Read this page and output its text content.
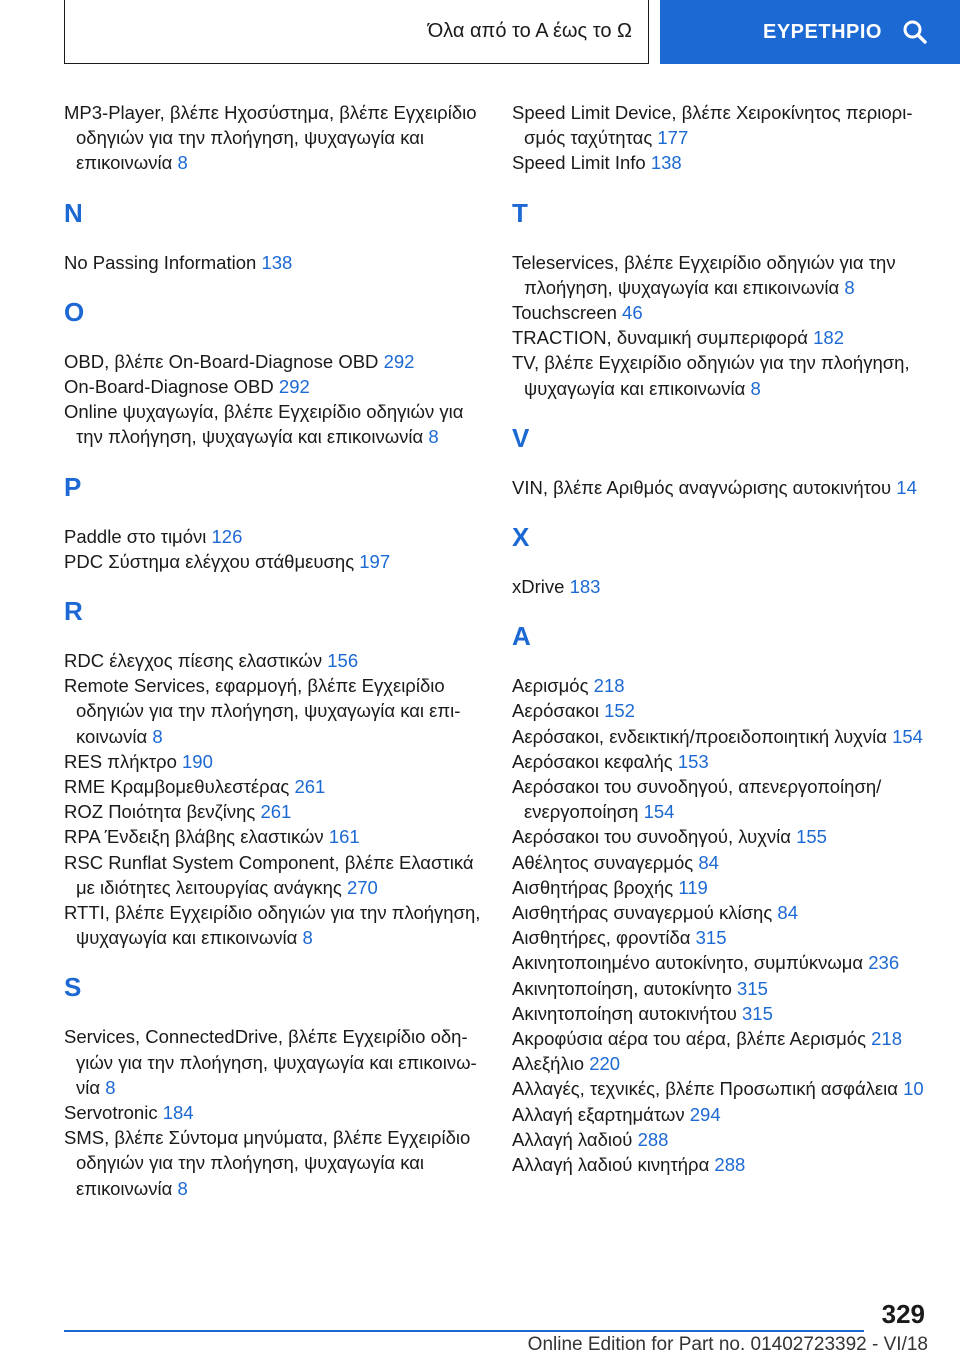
Όλα από το Α έως το Ω	ΕΥΡΕΤΗΡΙΟ
MP3-Player, βλέπε Ηχοσύστημα, βλέπε Εγχειρίδιο οδηγιών για την πλοήγηση, ψυχαγωγία και επικοινωνία 8
N
No Passing Information 138
O
OBD, βλέπε On-Board-Diagnose OBD 292
On-Board-Diagnose OBD 292
Online ψυχαγωγία, βλέπε Εγχειρίδιο οδηγιών για την πλοήγηση, ψυχαγωγία και επικοινωνία 8
P
Paddle στο τιμόνι 126
PDC Σύστημα ελέγχου στάθμευσης 197
R
RDC έλεγχος πίεσης ελαστικών 156
Remote Services, εφαρμογή, βλέπε Εγχειρίδιο οδηγιών για την πλοήγηση, ψυχαγωγία και επικοινωνία 8
RES πλήκτρο 190
RME Κραμβομεθυλεστέρας 261
ROZ Ποιότητα βενζίνης 261
RPA Ένδειξη βλάβης ελαστικών 161
RSC Runflat System Component, βλέπε Ελαστικά με ιδιότητες λειτουργίας ανάγκης 270
RTTI, βλέπε Εγχειρίδιο οδηγιών για την πλοήγηση, ψυχαγωγία και επικοινωνία 8
S
Services, ConnectedDrive, βλέπε Εγχειρίδιο οδηγιών για την πλοήγηση, ψυχαγωγία και επικοινωνία 8
Servotronic 184
SMS, βλέπε Σύντομα μηνύματα, βλέπε Εγχειρίδιο οδηγιών για την πλοήγηση, ψυχαγωγία και επικοινωνία 8
Speed Limit Device, βλέπε Χειροκίνητος περιορισμός ταχύτητας 177
Speed Limit Info 138
T
Teleservices, βλέπε Εγχειρίδιο οδηγιών για την πλοήγηση, ψυχαγωγία και επικοινωνία 8
Touchscreen 46
TRACTION, δυναμική συμπεριφορά 182
TV, βλέπε Εγχειρίδιο οδηγιών για την πλοήγηση, ψυχαγωγία και επικοινωνία 8
V
VIN, βλέπε Αριθμός αναγνώρισης αυτοκινήτου 14
X
xDrive 183
Α
Αερισμός 218
Αερόσακοι 152
Αερόσακοι, ενδεικτική/προειδοποιητική λυχνία 154
Αερόσακοι κεφαλής 153
Αερόσακοι του συνοδηγού, απενεργοποίηση/ ενεργοποίηση 154
Αερόσακοι του συνοδηγού, λυχνία 155
Αθέλητος συναγερμός 84
Αισθητήρας βροχής 119
Αισθητήρας συναγερμού κλίσης 84
Αισθητήρες, φροντίδα 315
Ακινητοποιημένο αυτοκίνητο, συμπύκνωμα 236
Ακινητοποίηση, αυτοκίνητο 315
Ακινητοποίηση αυτοκινήτου 315
Ακροφύσια αέρα του αέρα, βλέπε Αερισμός 218
Αλεξήλιο 220
Αλλαγές, τεχνικές, βλέπε Προσωπική ασφάλεια 10
Αλλαγή εξαρτημάτων 294
Αλλαγή λαδιού 288
Αλλαγή λαδιού κινητήρα 288
329
Online Edition for Part no. 01402723392 - VI/18
